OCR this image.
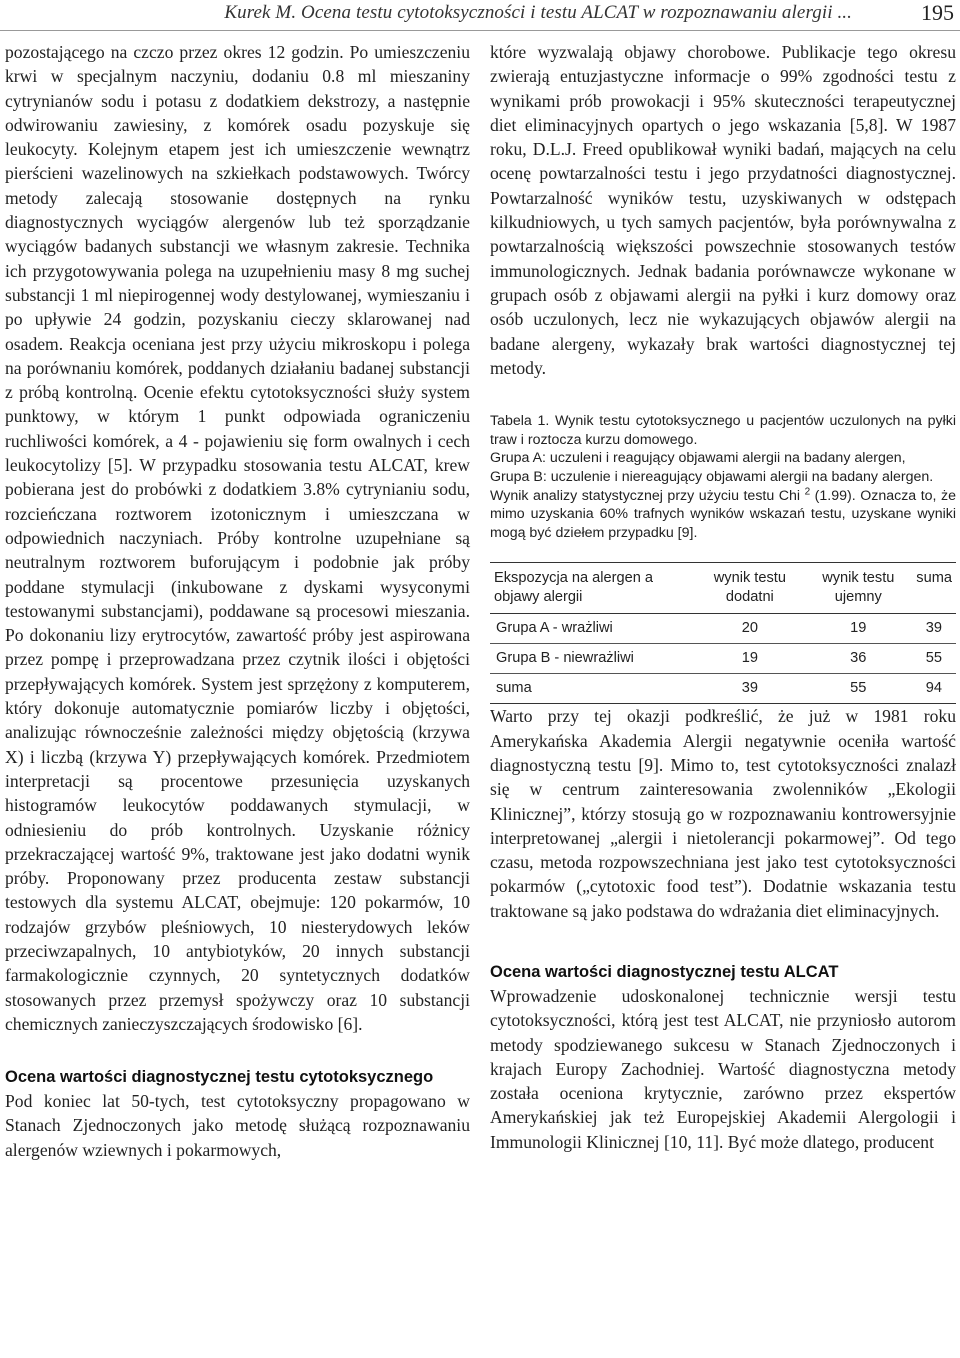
Kurek M. Ocena testu cytotoksyczności i testu ALCAT w rozpoznawaniu alergii ...	195

pozostającego na czczo przez okres 12 godzin. Po umieszczeniu krwi w specjalnym naczyniu, dodaniu 0.8 ml mieszaniny cytrynianów sodu i potasu z dodatkiem dekstrozy, a następnie odwirowaniu zawiesiny, z komórek osadu pozyskuje się leukocyty. Kolejnym etapem jest ich umieszczenie wewnątrz pierścieni wazelinowych na szkiełkach podstawowych. Twórcy metody zalecają stosowanie dostępnych na rynku diagnostycznych wyciągów alergenów lub też sporządzanie wyciągów badanych substancji we własnym zakresie. Technika ich przygotowywania polega na uzupełnieniu masy 8 mg suchej substancji 1 ml niepirogennej wody destylowanej, wymieszaniu i po upływie 24 godzin, pozyskaniu cieczy sklarowanej nad osadem. Reakcja oceniana jest przy użyciu mikroskopu i polega na porównaniu komórek, poddanych działaniu badanej substancji z próbą kontrolną. Ocenie efektu cytotoksyczności służy system punktowy, w którym 1 punkt odpowiada ograniczeniu ruchliwości komórek, a 4 - pojawieniu się form owalnych i cech leukocytolizy [5]. W przypadku stosowania testu ALCAT, krew pobierana jest do probówki z dodatkiem 3.8% cytrynianiu sodu, rozcieńczana roztworem izotonicznym i umieszczana w odpowiednich naczyniach. Próby kontrolne uzupełniane są neutralnym roztworem buforującym i podobnie jak próby poddane stymulacji (inkubowane z dyskami wysyconymi testowanymi substancjami), poddawane są procesowi mieszania. Po dokonaniu lizy erytrocytów, zawartość próby jest aspirowana przez pompę i przeprowadzana przez czytnik ilości i objętości przepływających komórek. System jest sprzężony z komputerem, który dokonuje automatycznie pomiarów liczby i objętości, analizując równocześnie zależności między objętością (krzywa X) i liczbą (krzywa Y) przepływających komórek. Przedmiotem interpretacji są procentowe przesunięcia uzyskanych histogramów leukocytów poddawanych stymulacji, w odniesieniu do prób kontrolnych. Uzyskanie różnicy przekraczającej wartość 9%, traktowane jest jako dodatni wynik próby. Proponowany przez producenta zestaw substancji testowych dla systemu ALCAT, obejmuje: 120 pokarmów, 10 rodzajów grzybów pleśniowych, 10 niesterydowych leków przeciwzapalnych, 10 antybiotyków, 20 innych substancji farmakologicznie czynnych, 20 syntetycznych dodatków stosowanych przez przemysł spożywczy oraz 10 substancji chemicznych zanieczyszczających środowisko [6].

Ocena wartości diagnostycznej testu cytotoksycznego

Pod koniec lat 50-tych, test cytotoksyczny propagowano w Stanach Zjednoczonych jako metodę służącą rozpoznawaniu alergenów wziewnych i pokarmowych,

które wyzwalają objawy chorobowe. Publikacje tego okresu zwierają entuzjastyczne informacje o 99% zgodności testu z wynikami prób prowokacji i 95% skuteczności terapeutycznej diet eliminacyjnych opartych o jego wskazania [5,8]. W 1987 roku, D.L.J. Freed opublikował wyniki badań, mających na celu ocenę powtarzalności testu i jego przydatności diagnostycznej. Powtarzalność wyników testu, uzyskiwanych w odstępach kilkudniowych, u tych samych pacjentów, była porównywalna z powtarzalnością większości powszechnie stosowanych testów immunologicznych. Jednak badania porównawcze wykonane w grupach osób z objawami alergii na pyłki i kurz domowy oraz osób uczulonych, lecz nie wykazujących objawów alergii na badane alergeny, wykazały brak wartości diagnostycznej tej metody.

Tabela 1. Wynik testu cytotoksycznego u pacjentów uczulonych na pyłki traw i roztocza kurzu domowego.
Grupa A: uczuleni i reagujący objawami alergii na badany alergen,
Grupa B: uczulenie i niereagujący objawami alergii na badany alergen.
Wynik analizy statystycznej przy użyciu testu Chi $^2$ (1.99). Oznacza to, że mimo uzyskania 60% trafnych wyników wskazań testu, uzyskane wyniki mogą być dziełem przypadku [9].
Ekspozycja na alergen a objawy alergii	wynik testu dodatni	wynik testu ujemny	suma
Grupa A - wrażliwi	20	19	39
Grupa B - niewrażliwi	19	36	55
suma	39	55	94

Warto przy tej okazji podkreślić, że już w 1981 roku Amerykańska Akademia Alergii negatywnie oceniła wartość diagnostyczną testu [9]. Mimo to, test cytotoksyczności znalazł się w centrum zainteresowania zwolenników „Ekologii Klinicznej”, którzy stosują go w rozpoznawaniu kontrowersyjnie interpretowanej „alergii i nietolerancji pokarmowej”. Od tego czasu, metoda rozpowszechniana jest jako test cytotoksyczności pokarmów („cytotoxic food test”). Dodatnie wskazania testu traktowane są jako podstawa do wdrażania diet eliminacyjnych.

Ocena wartości diagnostycznej testu ALCAT

Wprowadzenie udoskonalonej technicznie wersji testu cytotoksyczności, którą jest test ALCAT, nie przyniosło autorom metody spodziewanego sukcesu w Stanach Zjednoczonych i krajach Europy Zachodniej. Wartość diagnostyczna metody została oceniona krytycznie, zarówno przez ekspertów Amerykańskiej jak też Europejskiej Akademii Alergologii i Immunologii Klinicznej [10, 11]. Być może dlatego, producent
